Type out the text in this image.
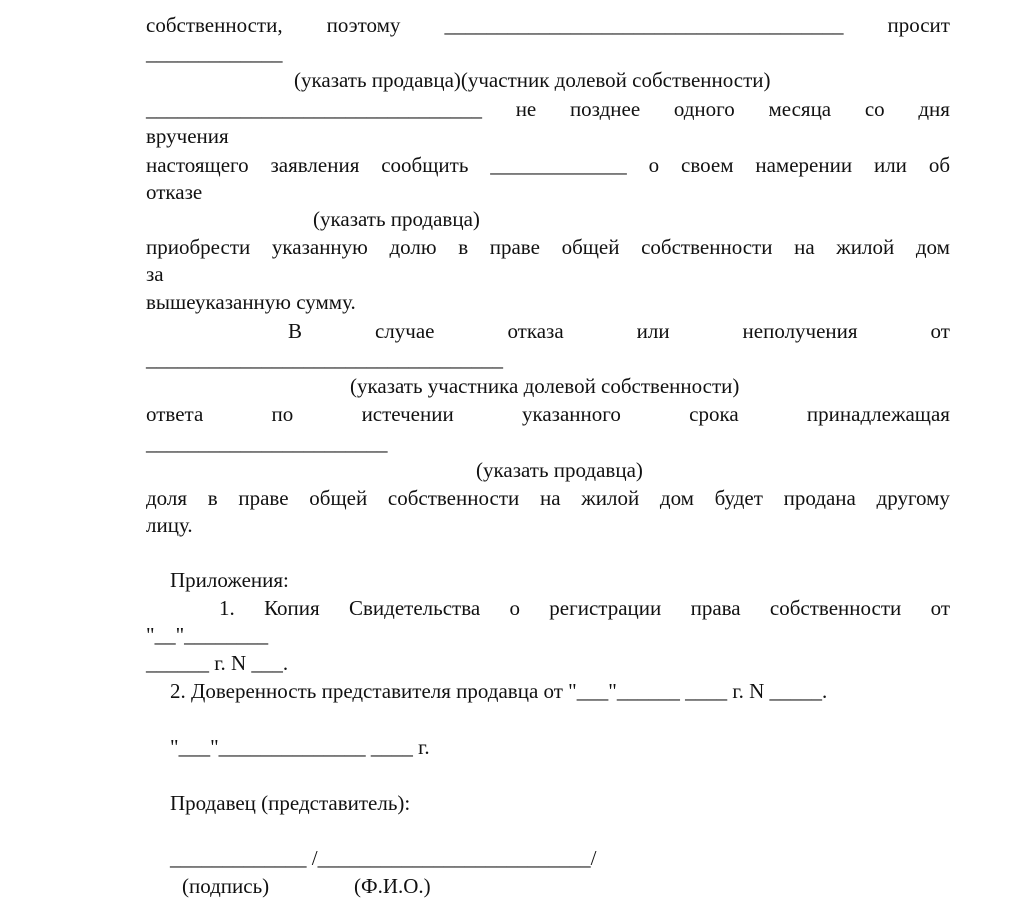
собственности, поэтому ______________________________________ просит
_____________
(указать продавца)(участник долевой собственности)
________________________________ не позднее одного месяца со дня
вручения
настоящего заявления сообщить _____________ о своем намерении или об
отказе
(указать продавца)
приобрести указанную долю в праве общей собственности на жилой дом
за
вышеуказанную сумму.
В	случае	отказа	или	неполучения	от
__________________________________
(указать участника долевой собственности)
ответа	по	истечении	указанного	срока	принадлежащая
_______________________
(указать продавца)
доля в праве общей собственности на жилой дом будет продана другому
лицу.
Приложения:
1. Копия Свидетельства о регистрации права собственности от
"__"________
______ г. N ___.
2. Доверенность представителя продавца от "___"______ ____ г. N _____.
"___"______________ ____ г.
Продавец (представитель):
_____________ /__________________________/
(подпись)	(Ф.И.О.)
